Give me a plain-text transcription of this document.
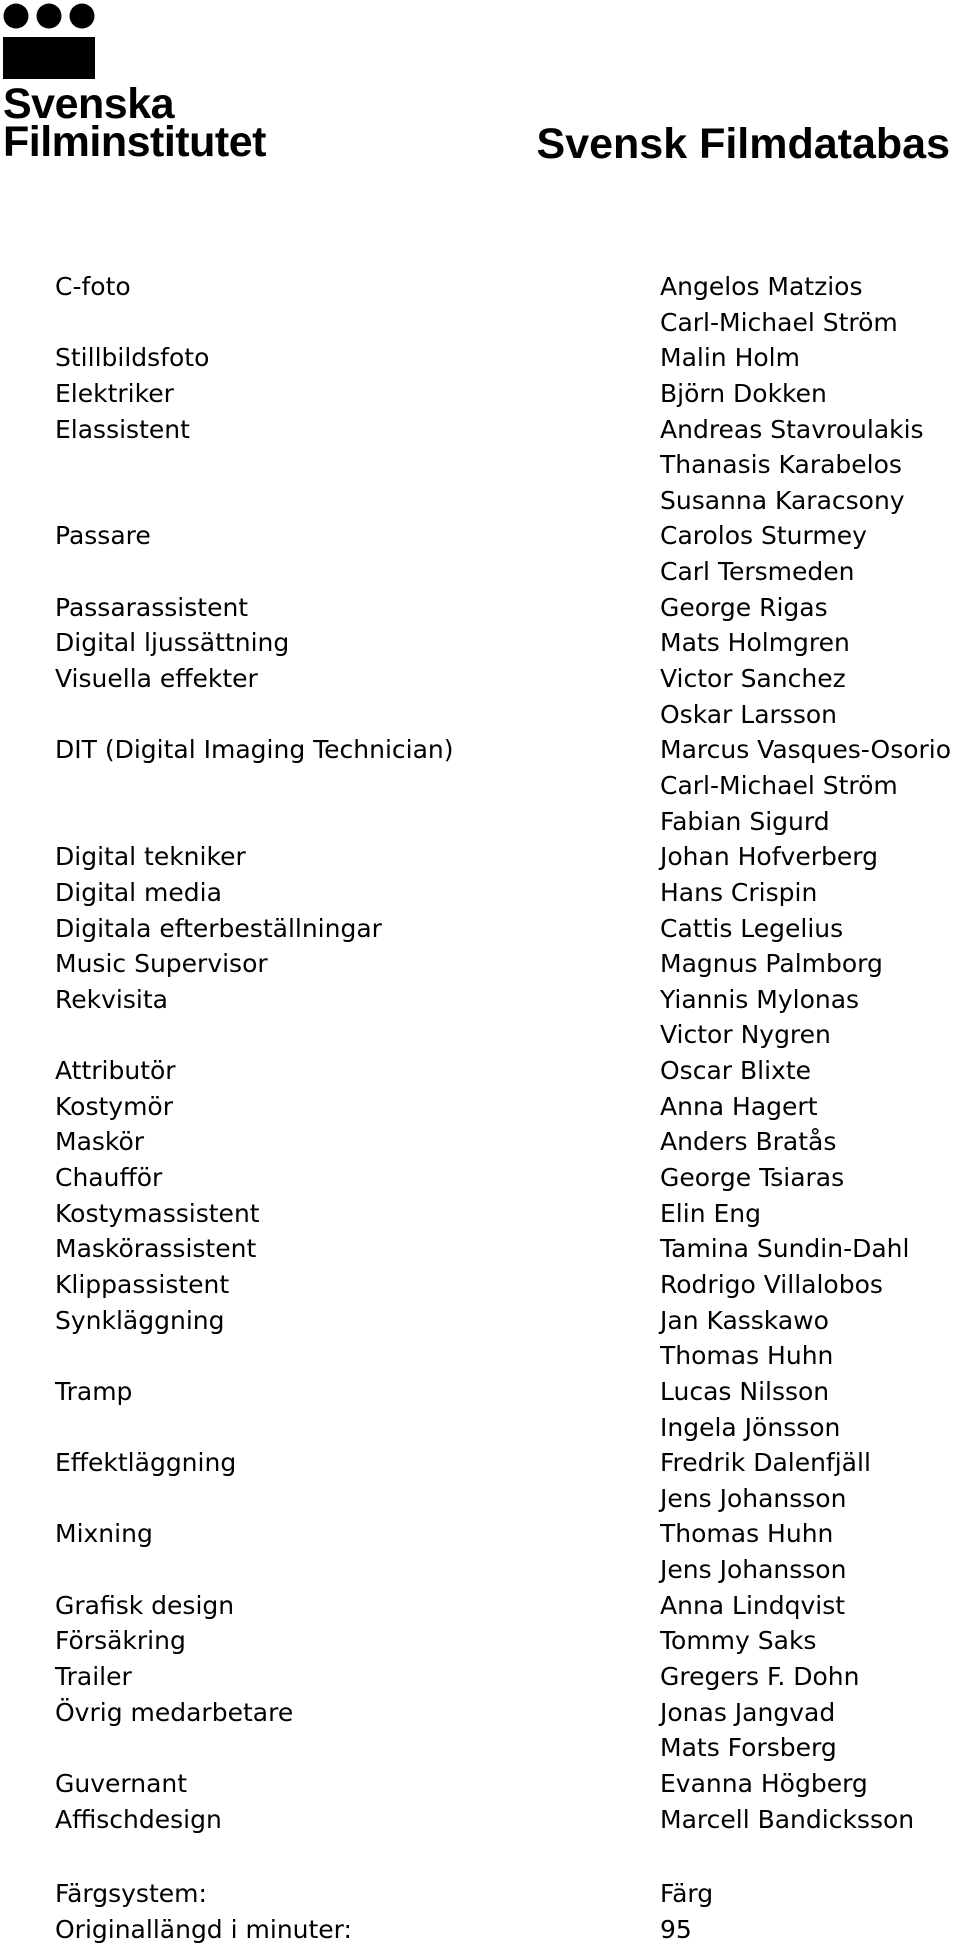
Svenska
Filminstitutet	Svensk Filmdatabas
C-foto	Angelos Matzios
Carl-Michael Ström
Stillbildsfoto	Malin Holm
Elektriker	Björn Dokken
Elassistent	Andreas Stavroulakis
Thanasis Karabelos
Susanna Karacsony
Passare	Carolos Sturmey
Carl Tersmeden
Passarassistent	George Rigas
Digital ljussättning	Mats Holmgren
Visuella effekter	Victor Sanchez
Oskar Larsson
DIT (Digital Imaging Technician)	Marcus Vasques-Osorio
Carl-Michael Ström
Fabian Sigurd
Digital tekniker	Johan Hofverberg
Digital media	Hans Crispin
Digitala efterbeställningar	Cattis Legelius
Music Supervisor	Magnus Palmborg
Rekvisita	Yiannis Mylonas
Victor Nygren
Attributör	Oscar Blixte
Kostymör	Anna Hagert
Maskör	Anders Bratås
Chaufför	George Tsiaras
Kostymassistent	Elin Eng
Maskörassistent	Tamina Sundin-Dahl
Klippassistent	Rodrigo Villalobos
Synkläggning	Jan Kasskawo
Thomas Huhn
Tramp	Lucas Nilsson
Ingela Jönsson
Effektläggning	Fredrik Dalenfjäll
Jens Johansson
Mixning	Thomas Huhn
Jens Johansson
Grafisk design	Anna Lindqvist
Försäkring	Tommy Saks
Trailer	Gregers F. Dohn
Övrig medarbetare	Jonas Jangvad
Mats Forsberg
Guvernant	Evanna Högberg
Affischdesign	Marcell Bandicksson
Färgsystem:	Färg
Originallängd i minuter:	95
